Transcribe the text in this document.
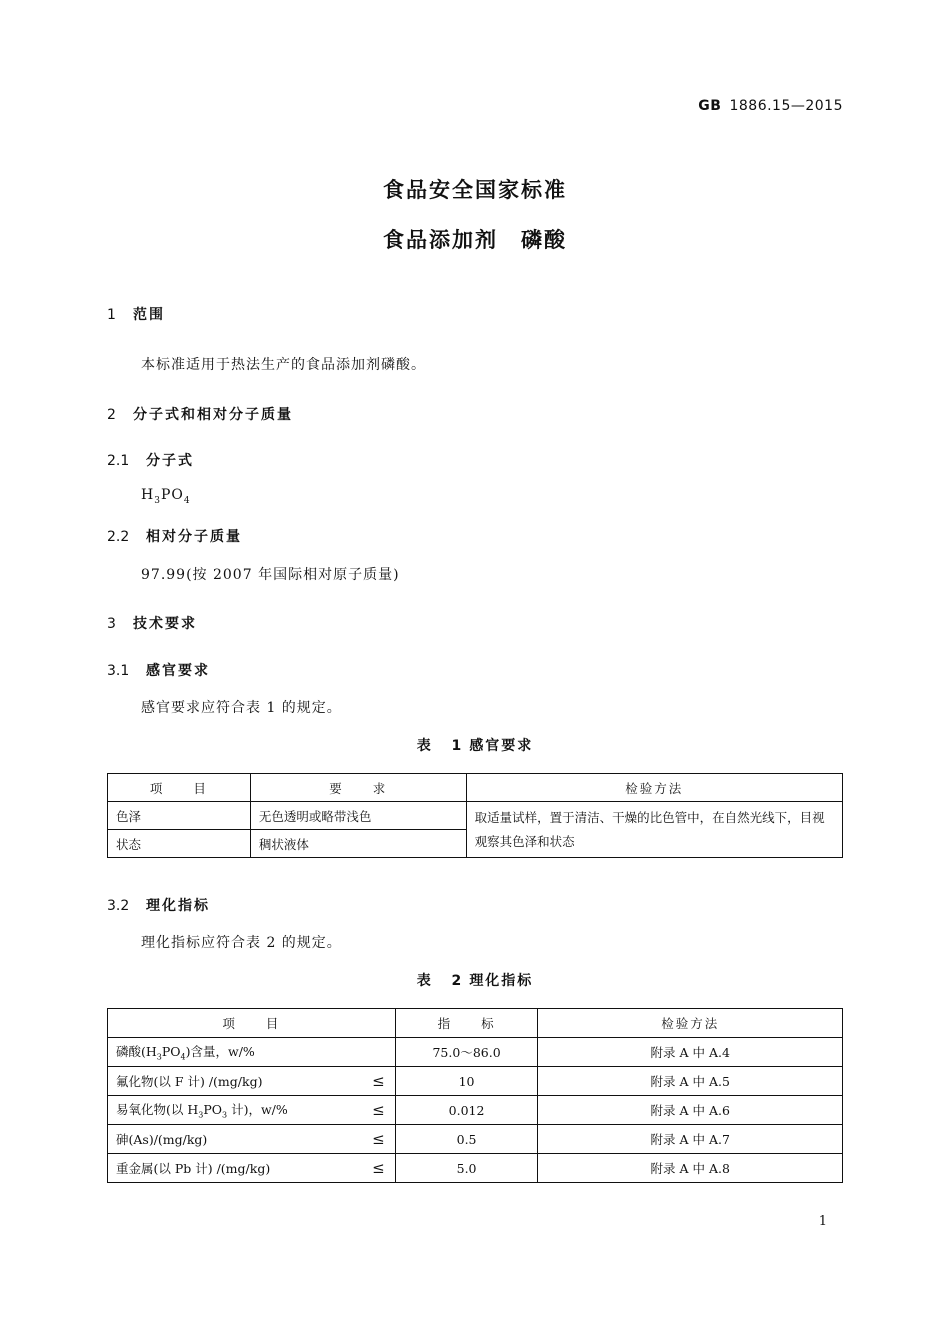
GB 1886.15—2015
食品安全国家标准
食品添加剂　磷酸
1 范围
本标准适用于热法生产的食品添加剂磷酸。
2 分子式和相对分子质量
2.1 分子式
$H_3PO_4$
2.2 相对分子质量
97.99(按 2007 年国际相对原子质量)
3 技术要求
3.1 感官要求
感官要求应符合表 1 的规定。
表 1感官要求
项　　目	要　　求	检验方法
色泽	无色透明或略带浅色	取适量试样，置于清洁、干燥的比色管中，在自然光线下，目视观察其色泽和状态
状态	稠状液体	
3.2 理化指标
理化指标应符合表 2 的规定。
表 2理化指标
项　　目	指　　标	检验方法

磷酸$(H_3PO_4)$含量，w/%	75.0～86.0	附录 A 中 A.4

氟化物(以 F 计) /(mg/kg) ≤	10	附录 A 中 A.5

易氧化物(以 $H_3PO_3$ 计)，w/% ≤	0.012	附录 A 中 A.6

砷(As)/(mg/kg) ≤	0.5	附录 A 中 A.7

重金属(以 Pb 计) /(mg/kg) ≤	5.0	附录 A 中 A.8
1
